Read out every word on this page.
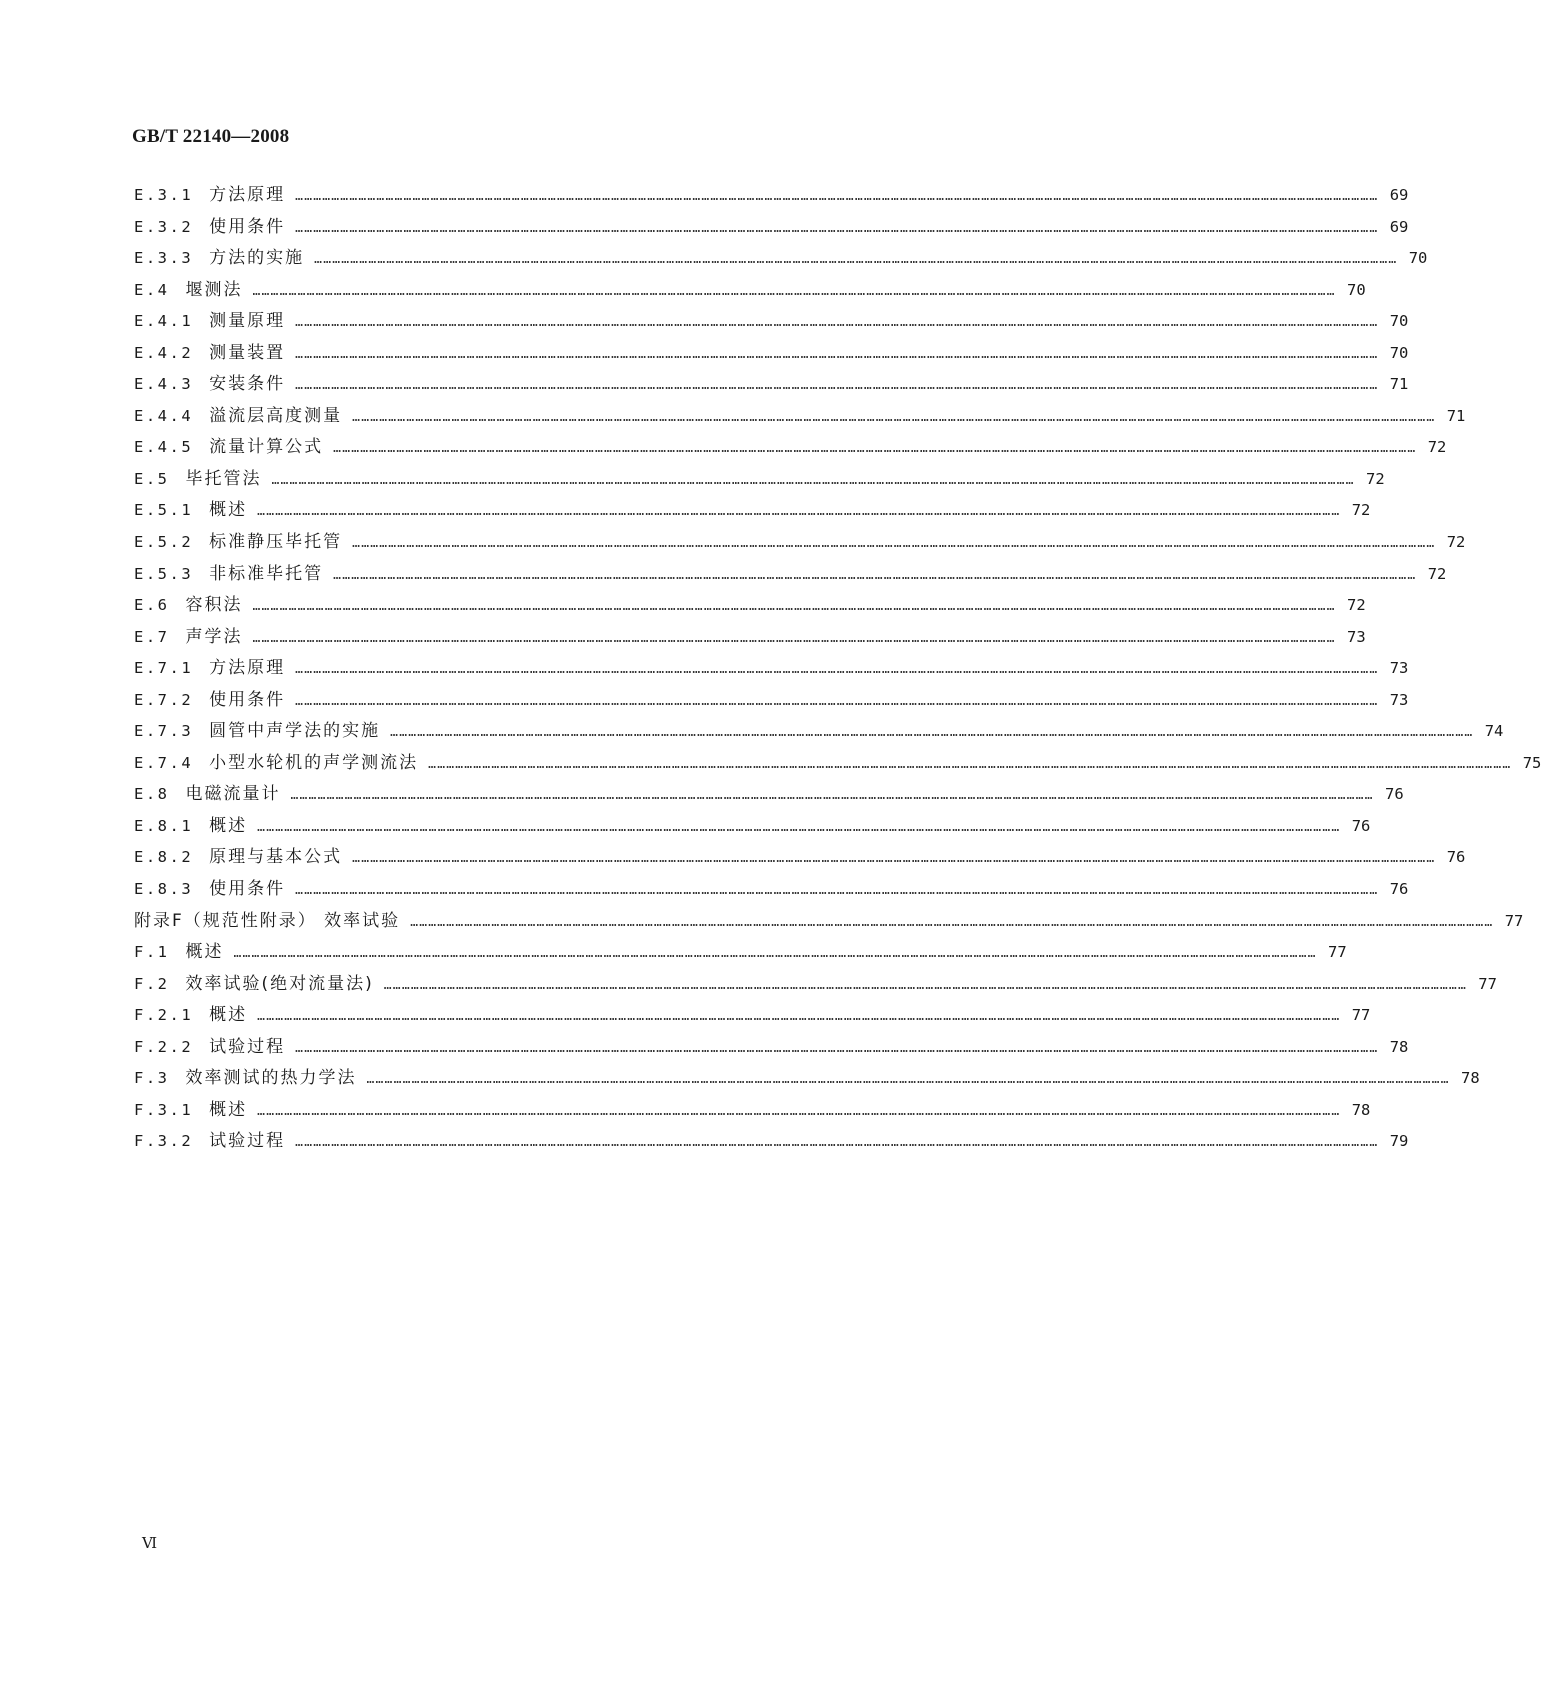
GB/T 22140—2008
E.3.1 方法原理 ……………………………………………………………………………………………………………………………………………………………………………………………………………………………………………………………………………………………………………………………… 69
E.3.2 使用条件 ……………………………………………………………………………………………………………………………………………………………………………………………………………………………………………………………………………………………………………………………… 69
E.3.3 方法的实施 ……………………………………………………………………………………………………………………………………………………………………………………………………………………………………………………………………………………………………………………………… 70
E.4 堰测法 ……………………………………………………………………………………………………………………………………………………………………………………………………………………………………………………………………………………………………………………………… 70
E.4.1 测量原理 ……………………………………………………………………………………………………………………………………………………………………………………………………………………………………………………………………………………………………………………………… 70
E.4.2 测量装置 ……………………………………………………………………………………………………………………………………………………………………………………………………………………………………………………………………………………………………………………………… 70
E.4.3 安装条件 ……………………………………………………………………………………………………………………………………………………………………………………………………………………………………………………………………………………………………………………………… 71
E.4.4 溢流层高度测量 ……………………………………………………………………………………………………………………………………………………………………………………………………………………………………………………………………………………………………………………………… 71
E.4.5 流量计算公式 ……………………………………………………………………………………………………………………………………………………………………………………………………………………………………………………………………………………………………………………………… 72
E.5 毕托管法 ……………………………………………………………………………………………………………………………………………………………………………………………………………………………………………………………………………………………………………………………… 72
E.5.1 概述 ……………………………………………………………………………………………………………………………………………………………………………………………………………………………………………………………………………………………………………………………… 72
E.5.2 标准静压毕托管 ……………………………………………………………………………………………………………………………………………………………………………………………………………………………………………………………………………………………………………………………… 72
E.5.3 非标准毕托管 ……………………………………………………………………………………………………………………………………………………………………………………………………………………………………………………………………………………………………………………………… 72
E.6 容积法 ……………………………………………………………………………………………………………………………………………………………………………………………………………………………………………………………………………………………………………………………… 72
E.7 声学法 ……………………………………………………………………………………………………………………………………………………………………………………………………………………………………………………………………………………………………………………………… 73
E.7.1 方法原理 ……………………………………………………………………………………………………………………………………………………………………………………………………………………………………………………………………………………………………………………………… 73
E.7.2 使用条件 ……………………………………………………………………………………………………………………………………………………………………………………………………………………………………………………………………………………………………………………………… 73
E.7.3 圆管中声学法的实施 ……………………………………………………………………………………………………………………………………………………………………………………………………………………………………………………………………………………………………………………………… 74
E.7.4 小型水轮机的声学测流法 ……………………………………………………………………………………………………………………………………………………………………………………………………………………………………………………………………………………………………………………………… 75
E.8 电磁流量计 ……………………………………………………………………………………………………………………………………………………………………………………………………………………………………………………………………………………………………………………………… 76
E.8.1 概述 ……………………………………………………………………………………………………………………………………………………………………………………………………………………………………………………………………………………………………………………………… 76
E.8.2 原理与基本公式 ……………………………………………………………………………………………………………………………………………………………………………………………………………………………………………………………………………………………………………………………… 76
E.8.3 使用条件 ……………………………………………………………………………………………………………………………………………………………………………………………………………………………………………………………………………………………………………………………… 76
附录F（规范性附录） 效率试验 ……………………………………………………………………………………………………………………………………………………………………………………………………………………………………………………………………………………………………………………………… 77
F.1 概述 ……………………………………………………………………………………………………………………………………………………………………………………………………………………………………………………………………………………………………………………………… 77
F.2 效率试验(绝对流量法) ……………………………………………………………………………………………………………………………………………………………………………………………………………………………………………………………………………………………………………………………… 77
F.2.1 概述 ……………………………………………………………………………………………………………………………………………………………………………………………………………………………………………………………………………………………………………………………… 77
F.2.2 试验过程 ……………………………………………………………………………………………………………………………………………………………………………………………………………………………………………………………………………………………………………………………… 78
F.3 效率测试的热力学法 ……………………………………………………………………………………………………………………………………………………………………………………………………………………………………………………………………………………………………………………………… 78
F.3.1 概述 ……………………………………………………………………………………………………………………………………………………………………………………………………………………………………………………………………………………………………………………………… 78
F.3.2 试验过程 ……………………………………………………………………………………………………………………………………………………………………………………………………………………………………………………………………………………………………………………………… 79
Ⅵ
